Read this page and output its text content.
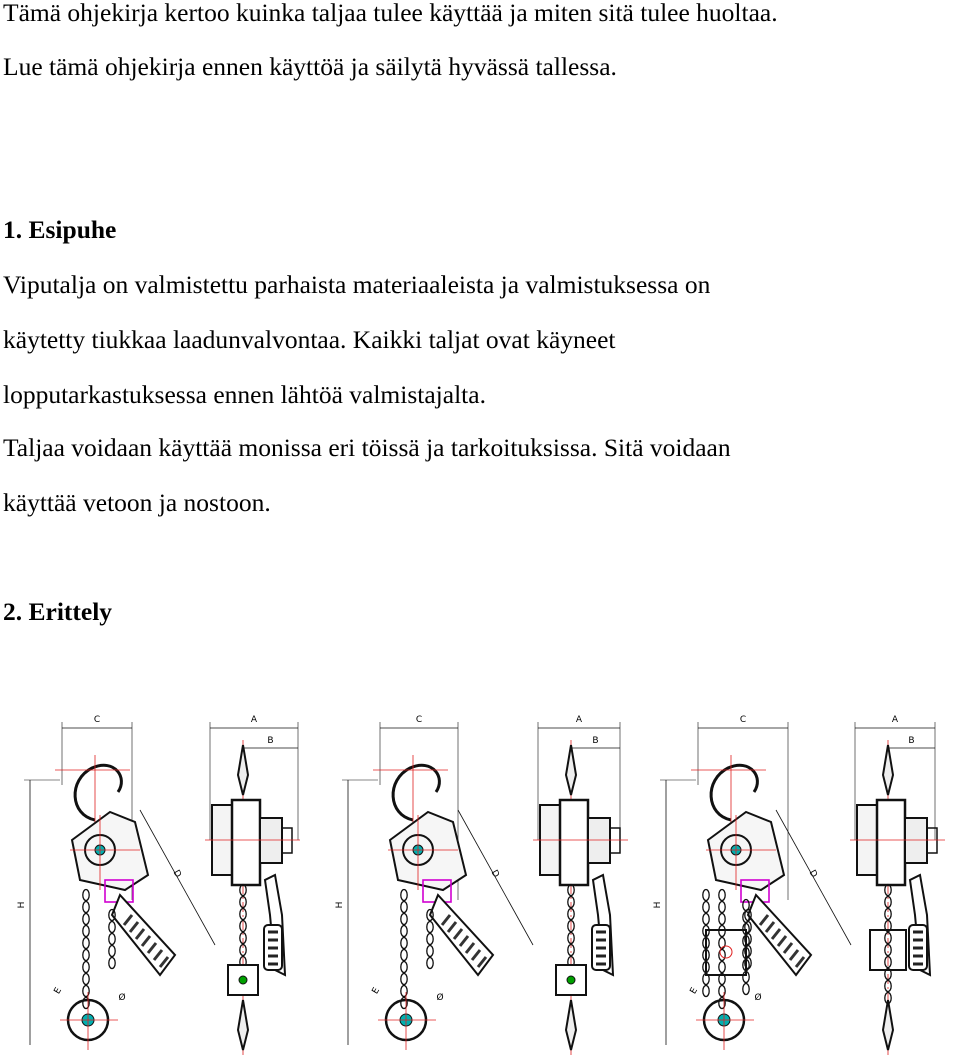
Tämä ohjekirja kertoo kuinka taljaa tulee käyttää ja miten sitä tulee huoltaa.
Lue tämä ohjekirja ennen käyttöä ja säilytä hyvässä tallessa.
1. Esipuhe
Viputalja on valmistettu parhaista materiaaleista ja valmistuksessa on
käytetty tiukkaa laadunvalvontaa. Kaikki taljat ovat käyneet
lopputarkastuksessa ennen lähtöä valmistajalta.
Taljaa voidaan käyttää monissa eri töissä ja tarkoituksissa. Sitä voidaan
käyttää vetoon ja nostoon.
2. Erittely
C
H
D
E
Ø
A
B
C
H
D
E
Ø
A
B
C
H
D
E
Ø
A
B
